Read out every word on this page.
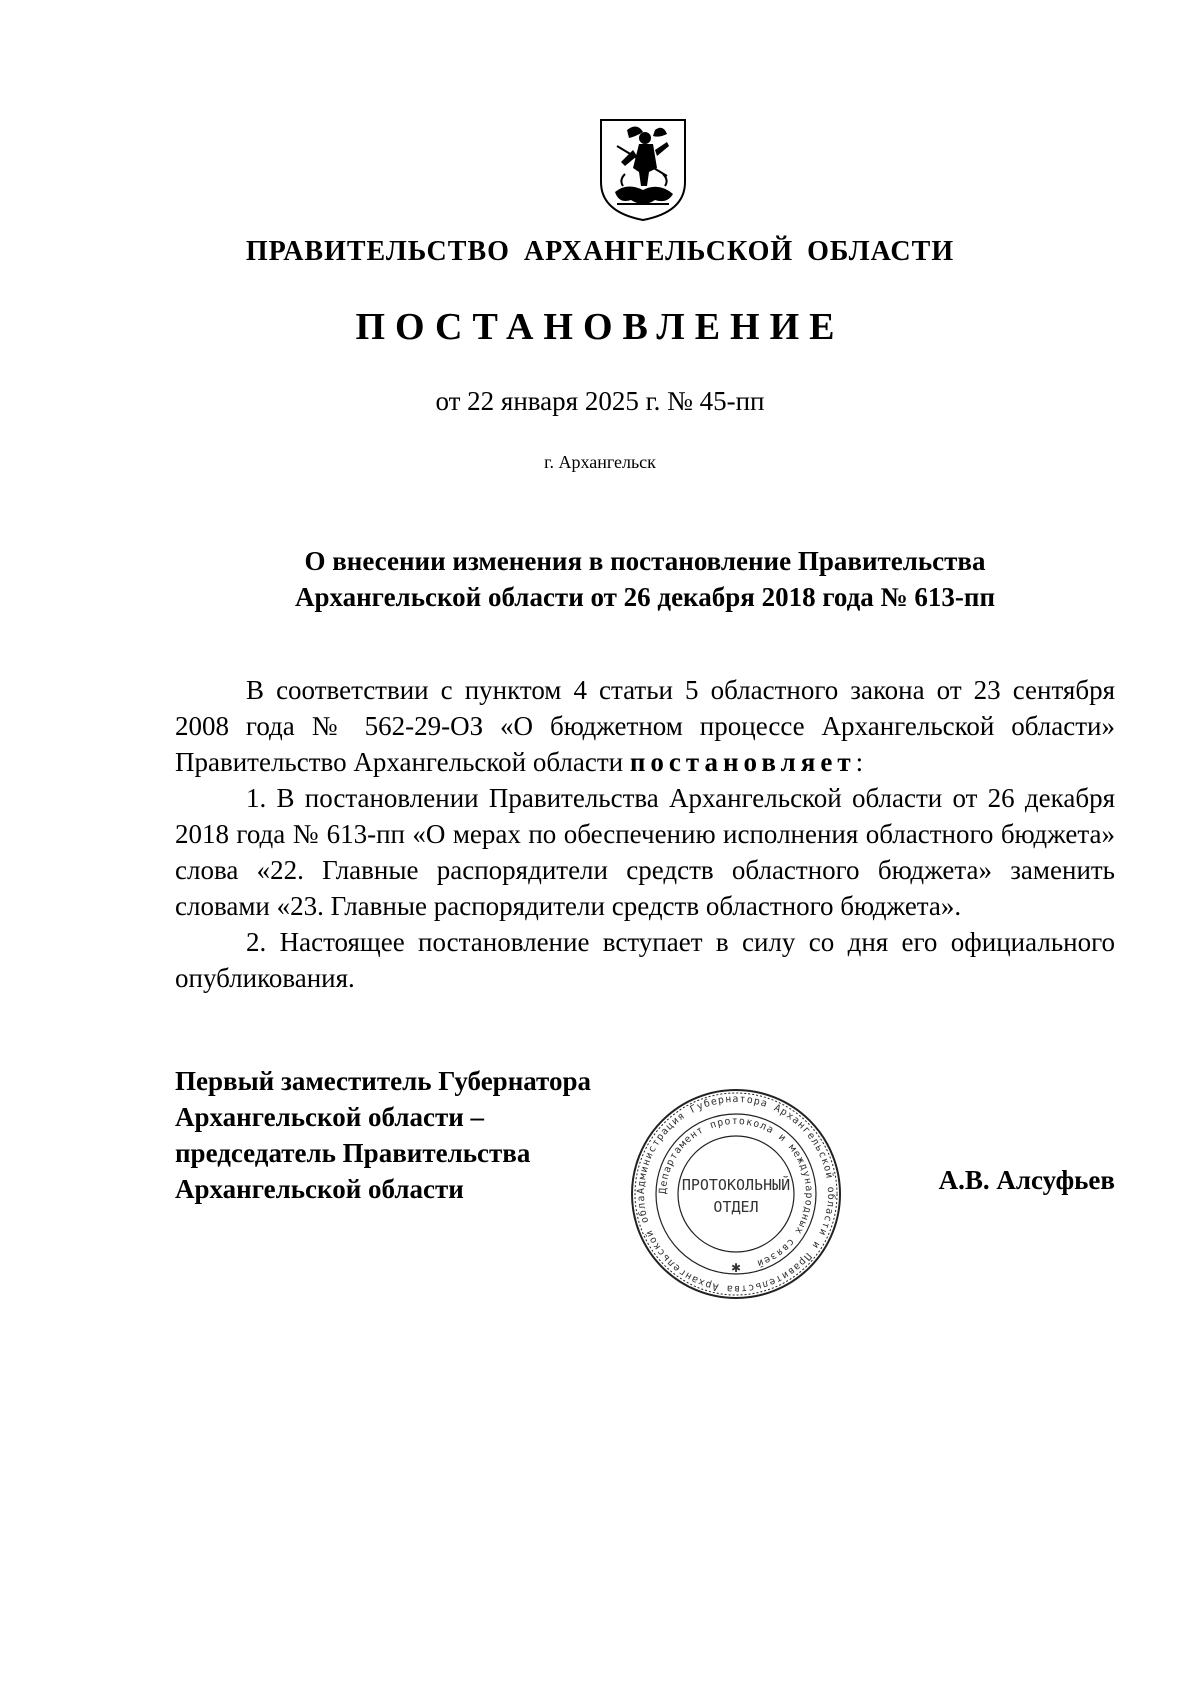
ПРАВИТЕЛЬСТВО АРХАНГЕЛЬСКОЙ ОБЛАСТИ
ПОСТАНОВЛЕНИЕ
от 22 января 2025 г. № 45-пп
г. Архангельск
О внесении изменения в постановление Правительства
Архангельской области от 26 декабря 2018 года № 613-пп

В соответствии с пунктом 4 статьи 5 областного закона от 23 сентября 2008 года № 562-29-ОЗ «О бюджетном процессе Архангельской области» Правительство Архангельской области постановляет:

1. В постановлении Правительства Архангельской области от 26 декабря 2018 года № 613-пп «О мерах по обеспечению исполнения областного бюджета» слова «22. Главные распорядители средств областного бюджета» заменить словами «23. Главные распорядители средств областного бюджета».

2. Настоящее постановление вступает в силу со дня его официального опубликования.

Первый заместитель Губернатора
Архангельской области –
председатель Правительства
Архангельской области	Администрация Губернатора Архангельской области и Правительства Архангельской обла
Департамент протокола и международных связей
ПРОТОКОЛЬНЫЙ
ОТДЕЛ
✱
А.В. Алсуфьев
